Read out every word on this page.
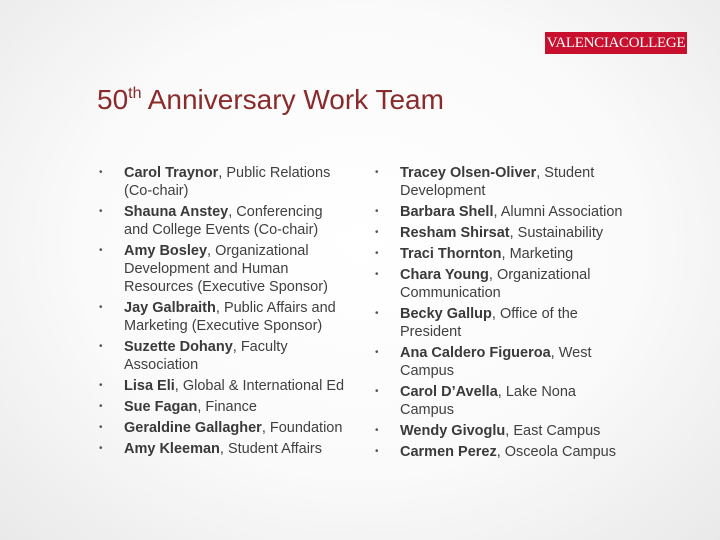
VALENCIA COLLEGE
50th Anniversary Work Team
• Carol Traynor, Public Relations (Co-chair)
• Shauna Anstey, Conferencing and College Events (Co-chair)
• Amy Bosley, Organizational Development and Human Resources (Executive Sponsor)
• Jay Galbraith, Public Affairs and Marketing (Executive Sponsor)
• Suzette Dohany, Faculty Association
• Lisa Eli, Global & International Ed
• Sue Fagan, Finance
• Geraldine Gallagher, Foundation
• Amy Kleeman, Student Affairs
• Tracey Olsen-Oliver, Student Development
• Barbara Shell, Alumni Association
• Resham Shirsat, Sustainability
• Traci Thornton, Marketing
• Chara Young, Organizational Communication
• Becky Gallup, Office of the President
• Ana Caldero Figueroa, West Campus
• Carol D’Avella, Lake Nona Campus
• Wendy Givoglu, East Campus
• Carmen Perez, Osceola Campus
